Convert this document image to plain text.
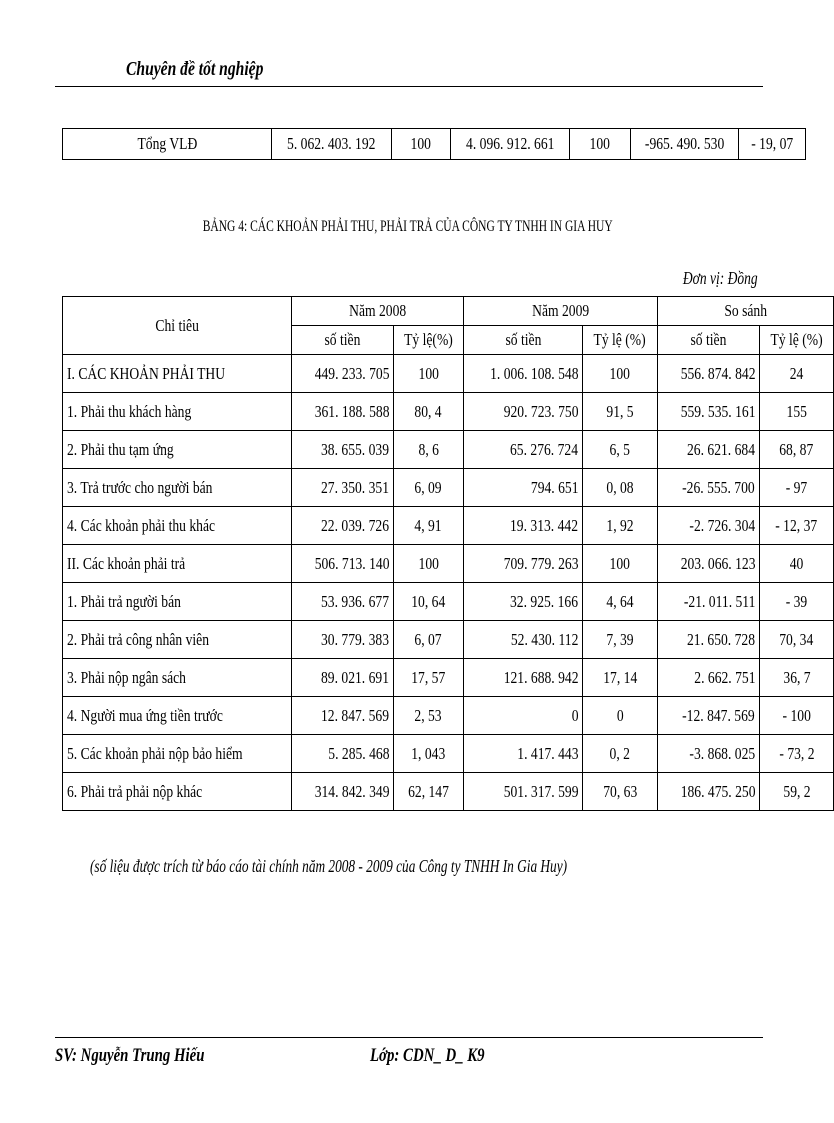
Chuyên đề tốt nghiệp
Tổng VLĐ	5. 062. 403. 192	100	4. 096. 912. 661	100	-965. 490. 530	- 19, 07
BẢNG 4: CÁC KHOẢN PHẢI THU, PHẢI TRẢ CỦA CÔNG TY TNHH IN GIA HUY
Đơn vị: Đồng
Chỉ tiêu	Năm 2008		Năm 2009		So sánh	
	số tiền	Tỷ lệ(%)	số tiền	Tỷ lệ (%)	số tiền	Tỷ lệ (%)
I. CÁC KHOẢN PHẢI THU	449. 233. 705	100	1. 006. 108. 548	100	556. 874. 842	24
1. Phải thu khách hàng	361. 188. 588	80, 4	920. 723. 750	91, 5	559. 535. 161	155
2. Phải thu tạm ứng	38. 655. 039	8, 6	65. 276. 724	6, 5	26. 621. 684	68, 87
3. Trả trước cho người bán	27. 350. 351	6, 09	794. 651	0, 08	-26. 555. 700	- 97
4. Các khoản phải thu khác	22. 039. 726	4, 91	19. 313. 442	1, 92	-2. 726. 304	- 12, 37
II. Các khoản phải trả	506. 713. 140	100	709. 779. 263	100	203. 066. 123	40
1. Phải trả người bán	53. 936. 677	10, 64	32. 925. 166	4, 64	-21. 011. 511	- 39
2. Phải trả công nhân viên	30. 779. 383	6, 07	52. 430. 112	7, 39	21. 650. 728	70, 34
3. Phải nộp ngân sách	89. 021. 691	17, 57	121. 688. 942	17, 14	2. 662. 751	36, 7
4. Người mua ứng tiền trước	12. 847. 569	2, 53	0	0	-12. 847. 569	- 100
5. Các khoản phải nộp bảo hiểm	5. 285. 468	1, 043	1. 417. 443	0, 2	-3. 868. 025	- 73, 2
6. Phải trả phải nộp khác	314. 842. 349	62, 147	501. 317. 599	70, 63	186. 475. 250	59, 2
(số liệu được trích từ báo cáo tài chính năm 2008 - 2009 của Công ty TNHH In Gia Huy)
SV: Nguyễn Trung Hiếu	Lớp: CDN_ D_ K9
